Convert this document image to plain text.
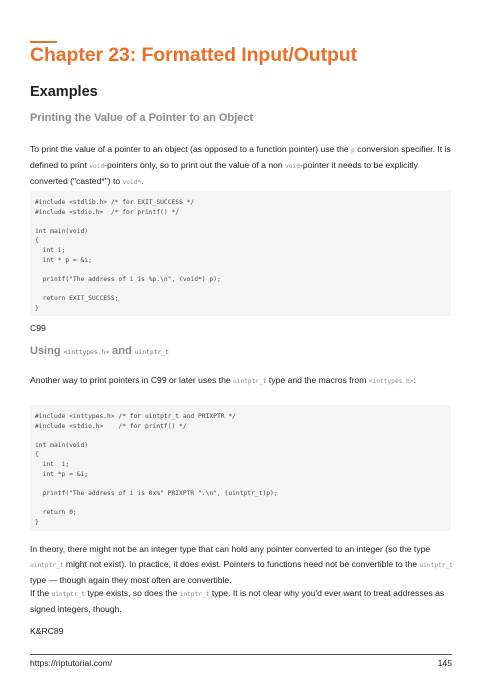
Chapter 23: Formatted Input/Output
Examples
Printing the Value of a Pointer to an Object
To print the value of a pointer to an object (as opposed to a function pointer) use the p conversion specifier. It is defined to print void-pointers only, so to print out the value of a non void-pointer it needs to be explicitly converted ("casted*") to void*.
#include <stdlib.h> /* for EXIT_SUCCESS */
#include <stdio.h>  /* for printf() */
int main(void)
{
int i;
int * p = &i;
printf("The address of i is %p.\n", (void*) p);
return EXIT_SUCCESS;
}
C99
Using <inttypes.h> and uintptr_t
Another way to print pointers in C99 or later uses the uintptr_t type and the macros from <inttypes.h>:
#include <inttypes.h> /* for uintptr_t and PRIXPTR */
#include <stdio.h>    /* for printf() */
int main(void)
{
int  i;
int *p = &i;
printf("The address of i is 0x%" PRIXPTR ".\n", (uintptr_t)p);
return 0;
}
In theory, there might not be an integer type that can hold any pointer converted to an integer (so the type uintptr_t might not exist). In practice, it does exist. Pointers to functions need not be convertible to the uintptr_t type — though again they most often are convertible.
If the uintptr_t type exists, so does the intptr_t type. It is not clear why you'd ever want to treat addresses as signed integers, though.
K&RC89
https://riptutorial.com/	145
